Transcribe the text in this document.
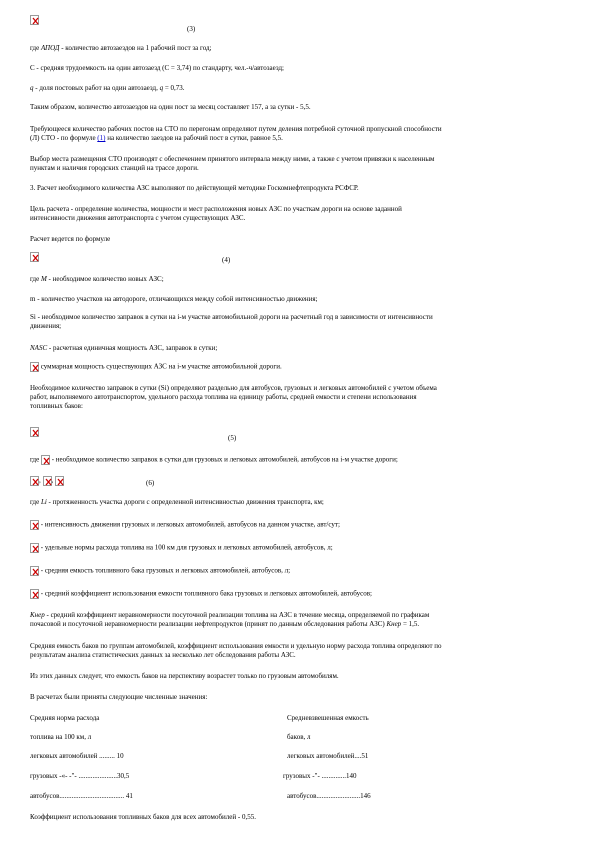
(3)
где АПОД - количество автозаездов на 1 рабочий пост за год;
С - средняя трудоемкость на один автозаезд (С = 3,74) по стандарту, чел.-ч/автозаезд;
q - доля постовых работ на один автозаезд, q = 0,73.
Таким образом, количество автозаездов на один пост за месяц составляет 157, а за сутки - 5,5.
Требующееся количество рабочих постов на СТО по перегонам определяют путем деления потребной суточной пропускной способности
(Л) СТО - по формуле (1) на количество заездов на рабочий пост в сутки, равное 5,5.
Выбор места размещения СТО производят с обеспечением принятого интервала между ними, а также с учетом привязки к населенным
пунктам и наличия городских станций на трассе дороги.
3. Расчет необходимого количества АЗС выполняют по действующей методике Госкомнефтепродукта РСФСР.
Цель расчета - определение количества, мощности и мест расположения новых АЗС по участкам дороги на основе заданной
интенсивности движения автотранспорта с учетом существующих АЗС.
Расчет ведется по формуле
(4)
где М - необходимое количество новых АЗС;
m - количество участков на автодороге, отличающихся между собой интенсивностью движения;
Si - необходимое количество заправок в сутки на i-м участке автомобильной дороги на расчетный год в зависимости от интенсивности
движения;
NАSC - расчетная единичная мощность АЗС, заправок в сутки;
суммарная мощность существующих АЗС на i-м участке автомобильной дороги.
Необходимое количество заправок в сутки (Si) определяют раздельно для автобусов, грузовых и легковых автомобилей с учетом объема
работ, выполняемого автотранспортом, удельного расхода топлива на единицу работы, средней емкости и степени использования
топливных баков:
(5)
где - необходимое количество заправок в сутки для грузовых и легковых автомобилей, автобусов на i-м участке дороги;
,
,	(6)
где Li - протяженность участка дороги с определенной интенсивностью движения транспорта, км;
- интенсивность движения грузовых и легковых автомобилей, автобусов на данном участке, авт/сут;
- удельные нормы расхода топлива на 100 км для грузовых и легковых автомобилей, автобусов, л;
- средняя емкость топливного бака грузовых и легковых автомобилей, автобусов, л;
- средний коэффициент использования емкости топливного бака грузовых и легковых автомобилей, автобусов;
Кнер - средний коэффициент неравномерности посуточной реализации топлива на АЗС в течение месяца, определяемой по графикам
почасовой и посуточной неравномерности реализации нефтепродуктов (принят по данным обследования работы АЗС) Кнер = 1,5.
Средняя емкость баков по группам автомобилей, коэффициент использования емкости и удельную норму расхода топлива определяют по
результатам анализа статистических данных за несколько лет обследования работы АЗС.
Из этих данных следует, что емкость баков на перспективу возрастет только по грузовым автомобилям.
В расчетах были приняты следующие численные значения:
Средняя норма расхода	Средневзвешенная емкость
топлива на 100 км, л	баков, л
легковых автомобилей ......... 10	легковых автомобилей....51
грузовых -«- -"- ......................30,5	грузовых -"- ..............140
автобусов..................................... 41	автобусов.........................146
Коэффициент использования топливных баков для всех автомобилей - 0,55.
